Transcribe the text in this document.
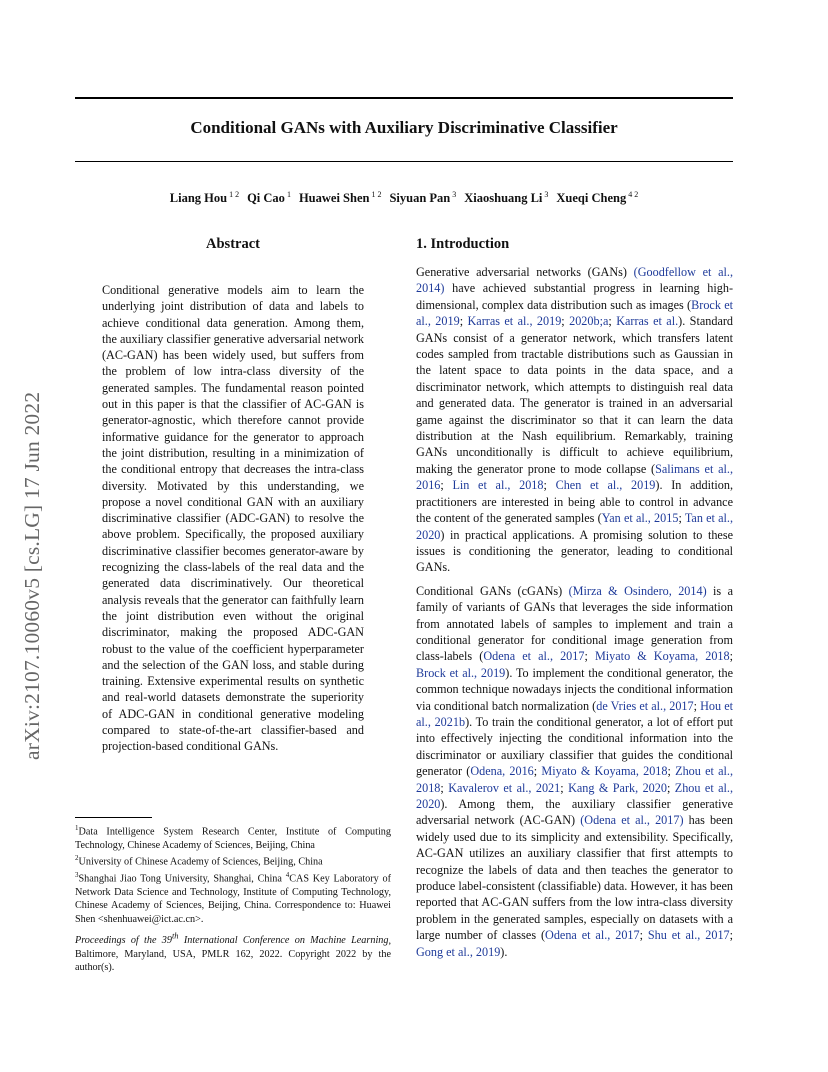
Conditional GANs with Auxiliary Discriminative Classifier
Liang Hou $^{1 2}$ Qi Cao $^1$ Huawei Shen $^{1 2}$ Siyuan Pan $^3$ Xiaoshuang Li $^3$ Xueqi Cheng $^{4 2}$
arXiv:2107.10060v5 [cs.LG] 17 Jun 2022
Abstract
Conditional generative models aim to learn the underlying joint distribution of data and labels to achieve conditional data generation. Among them, the auxiliary classifier generative adversarial network (AC-GAN) has been widely used, but suffers from the problem of low intra-class diversity of the generated samples. The fundamental reason pointed out in this paper is that the classifier of AC-GAN is generator-agnostic, which therefore cannot provide informative guidance for the generator to approach the joint distribution, resulting in a minimization of the conditional entropy that decreases the intra-class diversity. Motivated by this understanding, we propose a novel conditional GAN with an auxiliary discriminative classifier (ADC-GAN) to resolve the above problem. Specifically, the proposed auxiliary discriminative classifier becomes generator-aware by recognizing the class-labels of the real data and the generated data discriminatively. Our theoretical analysis reveals that the generator can faithfully learn the joint distribution even without the original discriminator, making the proposed ADC-GAN robust to the value of the coefficient hyperparameter and the selection of the GAN loss, and stable during training. Extensive experimental results on synthetic and real-world datasets demonstrate the superiority of ADC-GAN in conditional generative modeling compared to state-of-the-art classifier-based and projection-based conditional GANs.
$^1$Data Intelligence System Research Center, Institute of Computing Technology, Chinese Academy of Sciences, Beijing, China
$^2$University of Chinese Academy of Sciences, Beijing, China
$^3$Shanghai Jiao Tong University, Shanghai, China $^4$CAS Key Laboratory of Network Data Science and Technology, Institute of Computing Technology, Chinese Academy of Sciences, Beijing, China. Correspondence to: Huawei Shen <shenhuawei@ict.ac.cn>.
Proceedings of the 39th International Conference on Machine Learning, Baltimore, Maryland, USA, PMLR 162, 2022. Copyright 2022 by the author(s).
1. Introduction

Generative adversarial networks (GANs) (Goodfellow et al., 2014) have achieved substantial progress in learning high-dimensional, complex data distribution such as images (Brock et al., 2019; Karras et al., 2019; 2020b;a; Karras et al.). Standard GANs consist of a generator network, which transfers latent codes sampled from tractable distributions such as Gaussian in the latent space to data points in the data space, and a discriminator network, which attempts to distinguish real data and generated data. The generator is trained in an adversarial game against the discriminator so that it can learn the data distribution at the Nash equilibrium. Remarkably, training GANs unconditionally is difficult to achieve equilibrium, making the generator prone to mode collapse (Salimans et al., 2016; Lin et al., 2018; Chen et al., 2019). In addition, practitioners are interested in being able to control in advance the content of the generated samples (Yan et al., 2015; Tan et al., 2020) in practical applications. A promising solution to these issues is conditioning the generator, leading to conditional GANs.

Conditional GANs (cGANs) (Mirza & Osindero, 2014) is a family of variants of GANs that leverages the side information from annotated labels of samples to implement and train a conditional generator for conditional image generation from class-labels (Odena et al., 2017; Miyato & Koyama, 2018; Brock et al., 2019). To implement the conditional generator, the common technique nowadays injects the conditional information via conditional batch normalization (de Vries et al., 2017; Hou et al., 2021b). To train the conditional generator, a lot of effort put into effectively injecting the conditional information into the discriminator or auxiliary classifier that guides the conditional generator (Odena, 2016; Miyato & Koyama, 2018; Zhou et al., 2018; Kavalerov et al., 2021; Kang & Park, 2020; Zhou et al., 2020). Among them, the auxiliary classifier generative adversarial network (AC-GAN) (Odena et al., 2017) has been widely used due to its simplicity and extensibility. Specifically, AC-GAN utilizes an auxiliary classifier that first attempts to recognize the labels of data and then teaches the generator to produce label-consistent (classifiable) data. However, it has been reported that AC-GAN suffers from the low intra-class diversity problem in the generated samples, especially on datasets with a large number of classes (Odena et al., 2017; Shu et al., 2017; Gong et al., 2019).
